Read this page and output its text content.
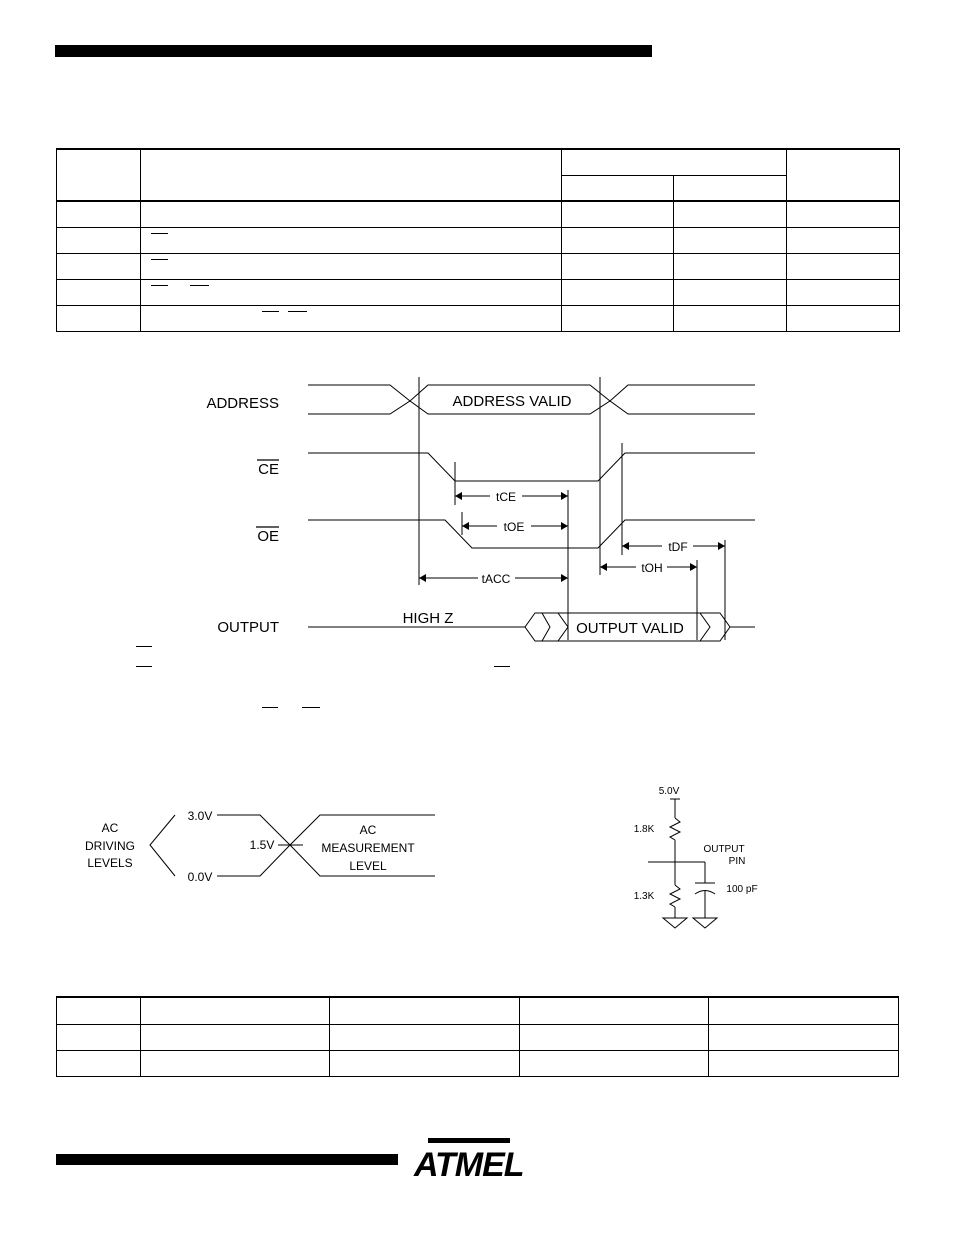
ADDRESS
CE
OE
OUTPUT
ADDRESS VALID
HIGH Z
OUTPUT VALID
tCE
tOE
tDF
tOH
tACC
AC
DRIVING
LEVELS
3.0V
1.5V
0.0V
AC
MEASUREMENT
LEVEL
5.0V
1.8K
1.3K
100 pF
OUTPUT
PIN

ATMEL
